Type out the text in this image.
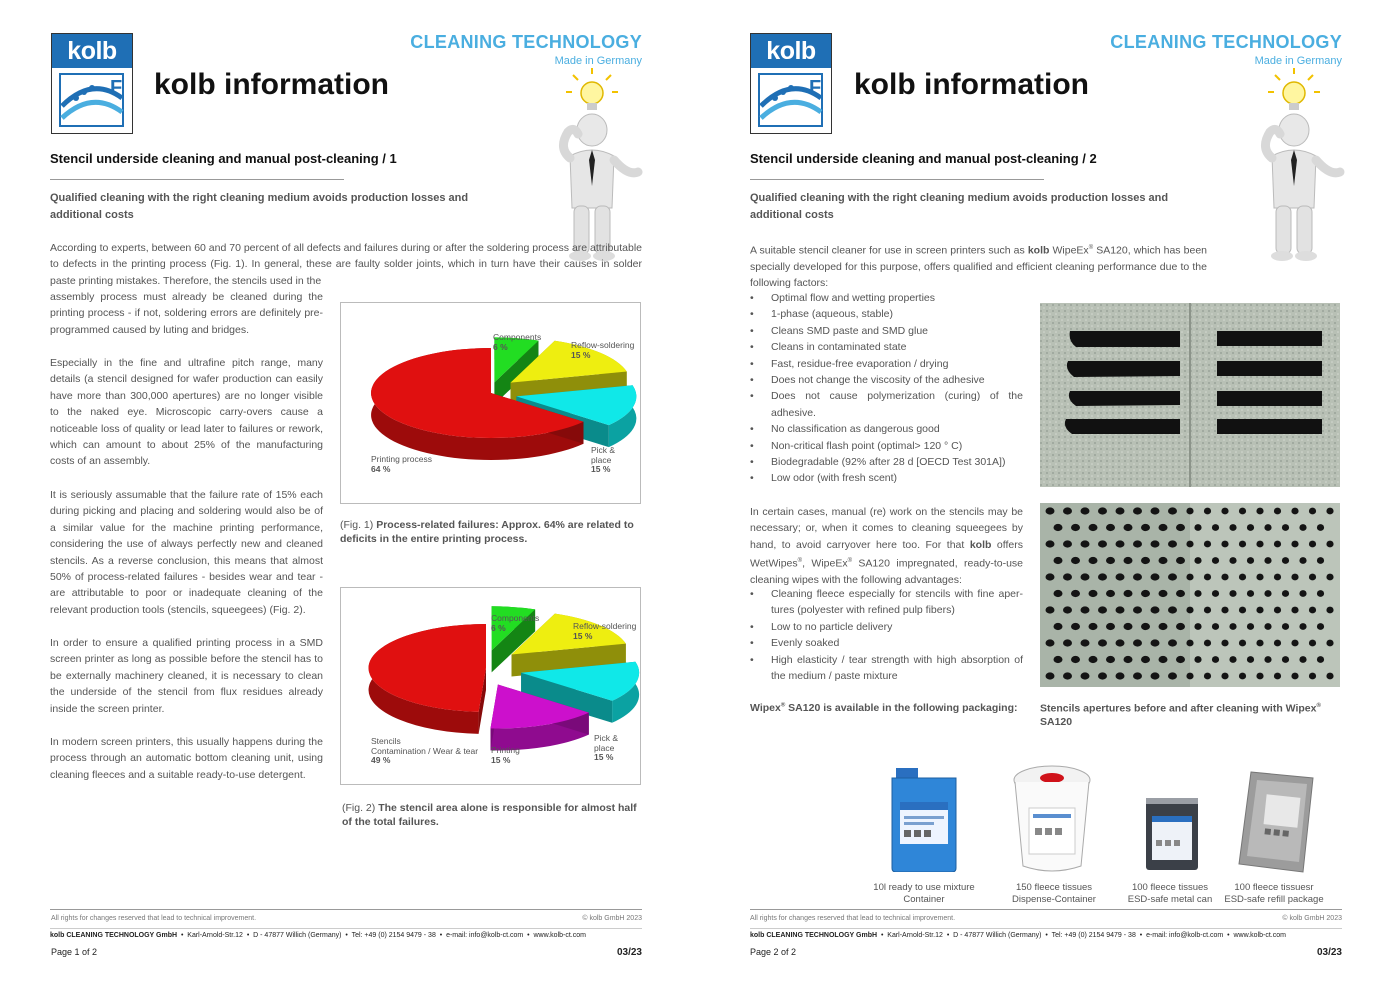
kolb
F
CLEANING TECHNOLOGY
Made in Germany
kolb information
Stencil underside cleaning and manual post-cleaning / 1
Qualified cleaning with the right cleaning medium avoids production losses and additional costs

According to experts, between 60 and 70 percent of all defects and failures during or after the soldering process are attributable to defects in the printing process (Fig. 1). In general, these are faulty solder joints, which in turn have their causes in solder paste printing mistakes. Therefore, the stencils used in the

assembly process must already be cleaned during the printing process - if not, soldering errors are definitely pre-programmed caused by luting and bridges.

Especially in the fine and ultrafine pitch range, many details (a stencil designed for wafer production can easily have more than 300,000 apertures) are no longer visible to the naked eye. Microscopic carry-overs cause a noticeable loss of quality or lead later to failures or rework, which can amount to about 25% of the manufacturing costs of an assembly.

It is seriously assumable that the failure rate of 15% each during picking and placing and soldering would also be of a similar value for the machine printing performance, considering the use of always perfectly new and cleaned stencils. As a reverse conclusion, this means that almost 50% of process-related failures - besides wear and tear - are attributable to poor or inadequate cleaning of the relevant production tools (stencils, squeegees) (Fig. 2).

In order to ensure a qualified printing process in a SMD screen printer as long as possible before the stencil has to be externally machinery cleaned, it is necessary to clean the underside of the stencil from flux residues already inside the screen printer.

In modern screen printers, this usually happens during the process through an automatic bottom cleaning unit, using cleaning fleeces and a suitable ready-to-use detergent.

Components
6 %	Reflow-soldering
15 %
Pick &
place
15 %
Printing process
64 %
(Fig. 1) Process-related failures: Approx. 64% are related to deficits in the entire printing process.
Components
6 %	Reflow-soldering
15 %
Pick &
place
15 %
Printing
15 %
Stencils
Contamination / Wear & tear
49 %
(Fig. 2) The stencil area alone is responsible for almost half of the total failures.
All rights for changes reserved that lead to technical improvement.	© kolb GmbH 2023
kolb CLEANING TECHNOLOGY GmbH • Karl-Arnold-Str.12 • D - 47877 Willich (Germany) • Tel: +49 (0) 2154 9479 - 38 • e-mail: info@kolb-ct.com • www.kolb-ct.com
Page 1 of 2	03/23
kolb
F
CLEANING TECHNOLOGY
Made in Germany
kolb information
Stencil underside cleaning and manual post-cleaning / 2
Qualified cleaning with the right cleaning medium avoids production losses and additional costs

A suitable stencil cleaner for use in screen printers such as kolb WipeEx® SA120, which has been specially developed for this purpose, offers qualified and efficient cleaning performance due to the following factors:

• Optimal flow and wetting properties
• 1-phase (aqueous, stable)
• Cleans SMD paste and SMD glue
• Cleans in contaminated state
• Fast, residue-free evaporation / drying
• Does not change the viscosity of the adhesive
• Does not cause polymerization (curing) of the adhesive.
• No classification as dangerous good
• Non-critical flash point (optimal> 120 ° C)
• Biodegradable (92% after 28 d [OECD Test 301A])
• Low odor (with fresh scent)

In certain cases, manual (re) work on the stencils may be necessary; or, when it comes to cleaning squeegees by hand, to avoid carryover here too. For that kolb offers WetWipes®, WipeEx® SA120 impregnated, ready-to-use cleaning wipes with the following advantages:

• Cleaning fleece especially for stencils with fine aper-tures (polyester with refined pulp fibers)
• Low to no particle delivery
• Evenly soaked
• High elasticity / tear strength with high absorption of the medium / paste mixture
Wipex® SA120 is available in the following packaging: Stencils apertures before and after cleaning with Wipex®
SA120
10l ready to use mixture
Container
150 fleece tissues
Dispense-Container
100 fleece tissues
ESD-safe metal can
100 fleece tissuesr
ESD-safe refill package
All rights for changes reserved that lead to technical improvement.	© kolb GmbH 2023
kolb CLEANING TECHNOLOGY GmbH • Karl-Arnold-Str.12 • D - 47877 Willich (Germany) • Tel: +49 (0) 2154 9479 - 38 • e-mail: info@kolb-ct.com • www.kolb-ct.com
Page 2 of 2	03/23
